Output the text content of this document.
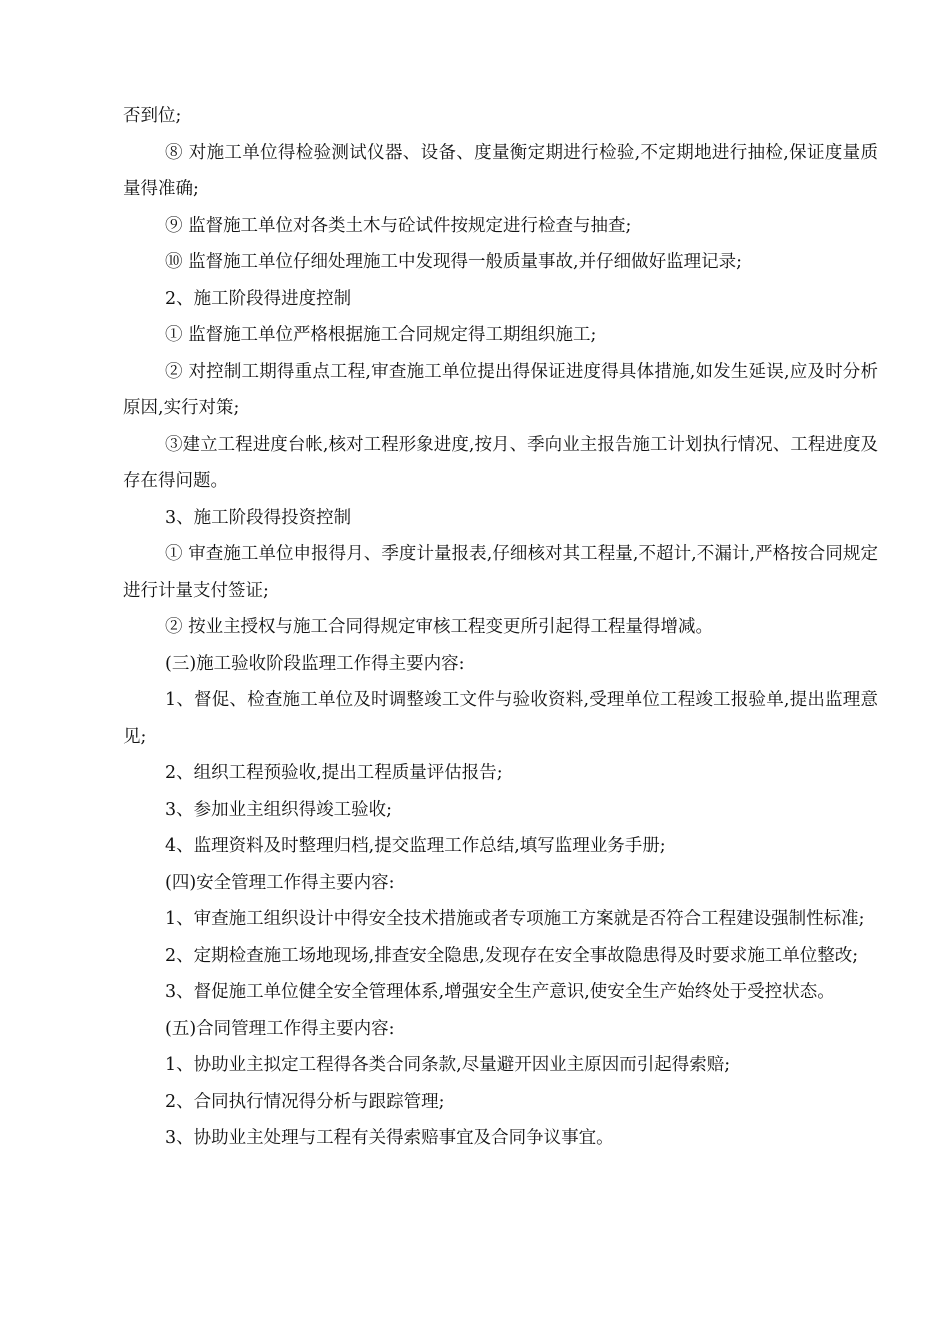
否到位;

⑧ 对施工单位得检验测试仪器、设备、度量衡定期进行检验,不定期地进行抽检,保证度量质量得准确;

⑨ 监督施工单位对各类土木与砼试件按规定进行检查与抽查;

⑩ 监督施工单位仔细处理施工中发现得一般质量事故,并仔细做好监理记录;

2、施工阶段得进度控制

① 监督施工单位严格根据施工合同规定得工期组织施工;

② 对控制工期得重点工程,审查施工单位提出得保证进度得具体措施,如发生延误,应及时分析原因,实行对策;

③建立工程进度台帐,核对工程形象进度,按月、季向业主报告施工计划执行情况、工程进度及存在得问题。

3、施工阶段得投资控制

① 审查施工单位申报得月、季度计量报表,仔细核对其工程量,不超计,不漏计,严格按合同规定进行计量支付签证;

② 按业主授权与施工合同得规定审核工程变更所引起得工程量得增减。

(三)施工验收阶段监理工作得主要内容:

1、督促、检查施工单位及时调整竣工文件与验收资料,受理单位工程竣工报验单,提出监理意见;

2、组织工程预验收,提出工程质量评估报告;

3、参加业主组织得竣工验收;

4、监理资料及时整理归档,提交监理工作总结,填写监理业务手册;

(四)安全管理工作得主要内容:

1、审查施工组织设计中得安全技术措施或者专项施工方案就是否符合工程建设强制性标准;

2、定期检查施工场地现场,排查安全隐患,发现存在安全事故隐患得及时要求施工单位整改;

3、督促施工单位健全安全管理体系,增强安全生产意识,使安全生产始终处于受控状态。

(五)合同管理工作得主要内容:

1、协助业主拟定工程得各类合同条款,尽量避开因业主原因而引起得索赔;

2、合同执行情况得分析与跟踪管理;

3、协助业主处理与工程有关得索赔事宜及合同争议事宜。
